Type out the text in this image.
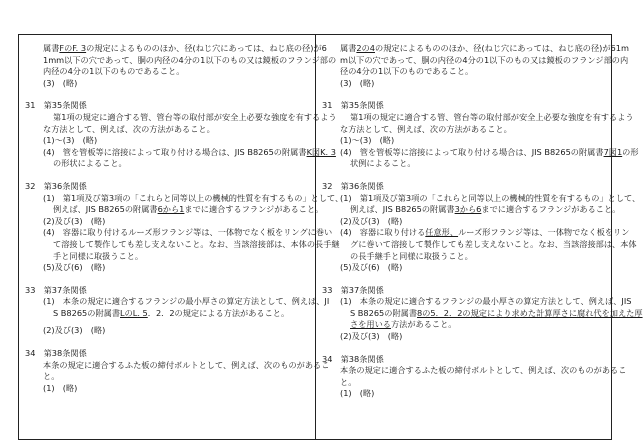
属書FのF. 3の規定によるもののほか、径(ねじ穴にあっては、ねじ底の径)が6
1mm以下の穴であって、胴の内径の4分の1以下のもの又は鏡板のフランジ部の
内径の4分の1以下のものであること。
(3)　(略)
31　第35条関係
第1項の規定に適合する管、管台等の取付部が安全上必要な強度を有するよう
な方法として、例えば、次の方法があること。
(1)～(3)　(略)
(4)　管を管板等に溶接によって取り付ける場合は、JIS B8265の附属書K図K. 3
の形状によること。
32　第36条関係
(1)　第1項及び第3項の「これらと同等以上の機械的性質を有するもの」として、
例えば、JIS B8265の附属書6から1までに適合するフランジがあること。
(2)及び(3)　(略)
(4)　容器に取り付けるルーズ形フランジ等は、一体物でなく板をリングに巻い
て溶接して製作しても差し支えないこと。なお、当該溶接部は、本体の長手継
手と同様に取扱うこと。
(5)及び(6)　(略)
33　第37条関係
(1)　本条の規定に適合するフランジの最小厚さの算定方法として、例えば、JI
S B8265の附属書LのL. 5．2．2の規定による方法があること。
(2)及び(3)　(略)
34　第38条関係
本条の規定に適合するふた板の締付ボルトとして、例えば、次のものがあるこ
と。
(1)　(略)
属書2の4の規定によるもののほか、径(ねじ穴にあっては、ねじ底の径)が61m
m以下の穴であって、胴の内径の4分の1以下のもの又は鏡板のフランジ部の内
径の4分の1以下のものであること。
(3)　(略)
31　第35条関係
第1項の規定に適合する管、管台等の取付部が安全上必要な強度を有するよう
な方法として、例えば、次の方法があること。
(1)～(3)　(略)
(4)　管を管板等に溶接によって取り付ける場合は、JIS B8265の附属書7図1の形
状例によること。
32　第36条関係
(1)　第1項及び第3項の「これらと同等以上の機械的性質を有するもの」として、
例えば、JIS B8265の附属書3から6までに適合するフランジがあること。
(2)及び(3)　(略)
(4)　容器に取り付ける任意形、ルーズ形フランジ等は、一体物でなく板をリン
グに巻いて溶接して製作しても差し支えないこと。なお、当該溶接部は、本体
の長手継手と同様に取扱うこと。
(5)及び(6)　(略)
33　第37条関係
(1)　本条の規定に適合するフランジの最小厚さの算定方法として、例えば、JIS
S B8265の附属書8の5．2．2の規定により求めた計算厚さに腐れ代を加えた厚
さを用いる方法があること。
(2)及び(3)　(略)
34　第38条関係
本条の規定に適合するふた板の締付ボルトとして、例えば、次のものがあるこ
と。
(1)　(略)
